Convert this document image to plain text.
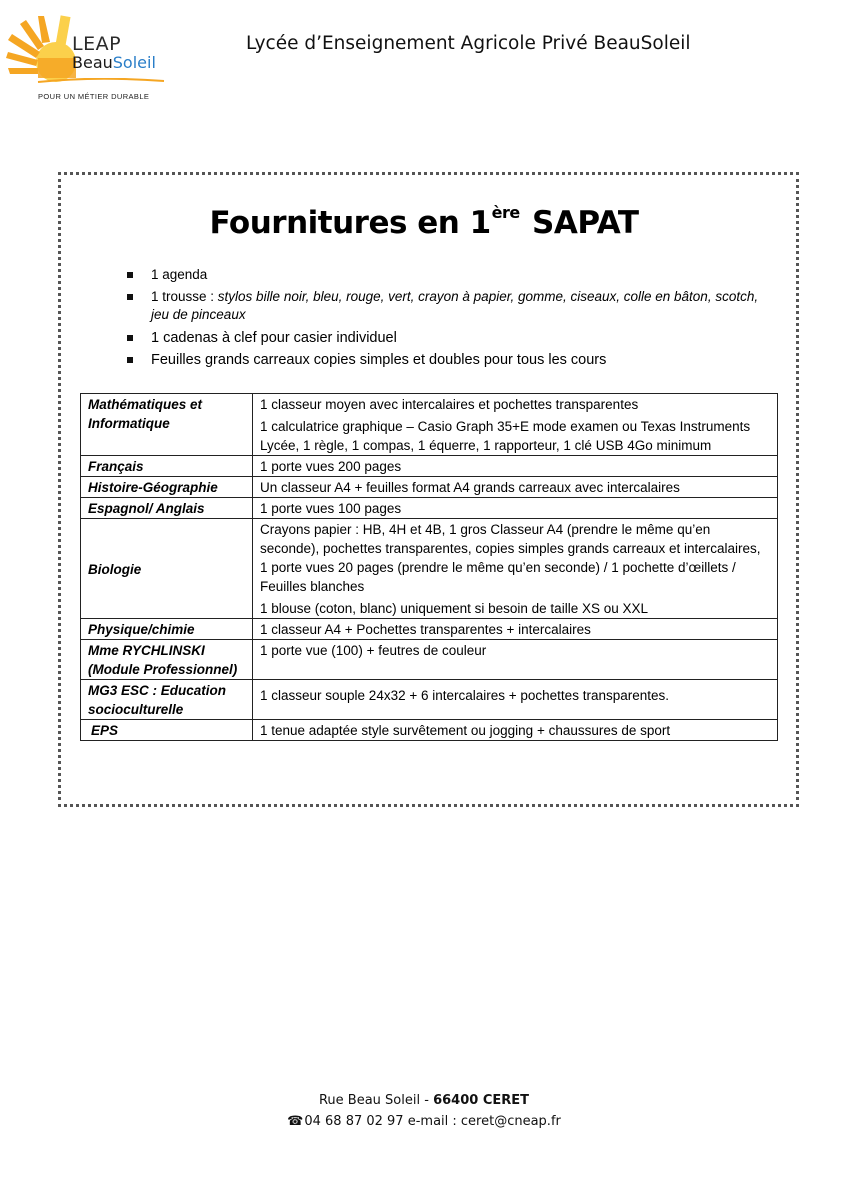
LEAP
BeauSoleil
POUR UN MÉTIER DURABLE
Lycée d’Enseignement Agricole Privé BeauSoleil
Fournitures en 1ère SAPAT
1 agenda
1 trousse : stylos bille noir, bleu, rouge, vert, crayon à papier, gomme, ciseaux, colle en bâton, scotch, jeu de pinceaux
1 cadenas à clef pour casier individuel
Feuilles grands carreaux copies simples et doubles pour tous les cours
Mathématiques et Informatique	1 classeur moyen avec intercalaires et pochettes transparentes

1 calculatrice graphique – Casio Graph 35+E mode examen ou Texas Instruments Lycée, 1 règle, 1 compas, 1 équerre, 1 rapporteur, 1 clé USB 4Go minimum

Français	1 porte vues 200 pages

Histoire-Géographie	Un classeur A4 + feuilles format A4 grands carreaux avec intercalaires

Espagnol/ Anglais	1 porte vues 100 pages

Biologie	Crayons papier : HB, 4H et 4B, 1 gros Classeur A4 (prendre le même qu’en seconde), pochettes transparentes, copies simples grands carreaux et intercalaires, 1 porte vues 20 pages (prendre le même qu’en seconde) / 1 pochette d’œillets / Feuilles blanches

1 blouse (coton, blanc) uniquement si besoin de taille XS ou XXL

Physique/chimie	1 classeur A4 + Pochettes transparentes + intercalaires

Mme RYCHLINSKI (Module Professionnel)	1 porte vue (100) + feutres de couleur

MG3 ESC : Education socioculturelle	1 classeur souple 24x32 + 6 intercalaires + pochettes transparentes.

EPS	1 tenue adaptée style survêtement ou jogging + chaussures de sport

Rue Beau Soleil - 66400 CERET
☎04 68 87 02 97 e-mail : ceret@cneap.fr
